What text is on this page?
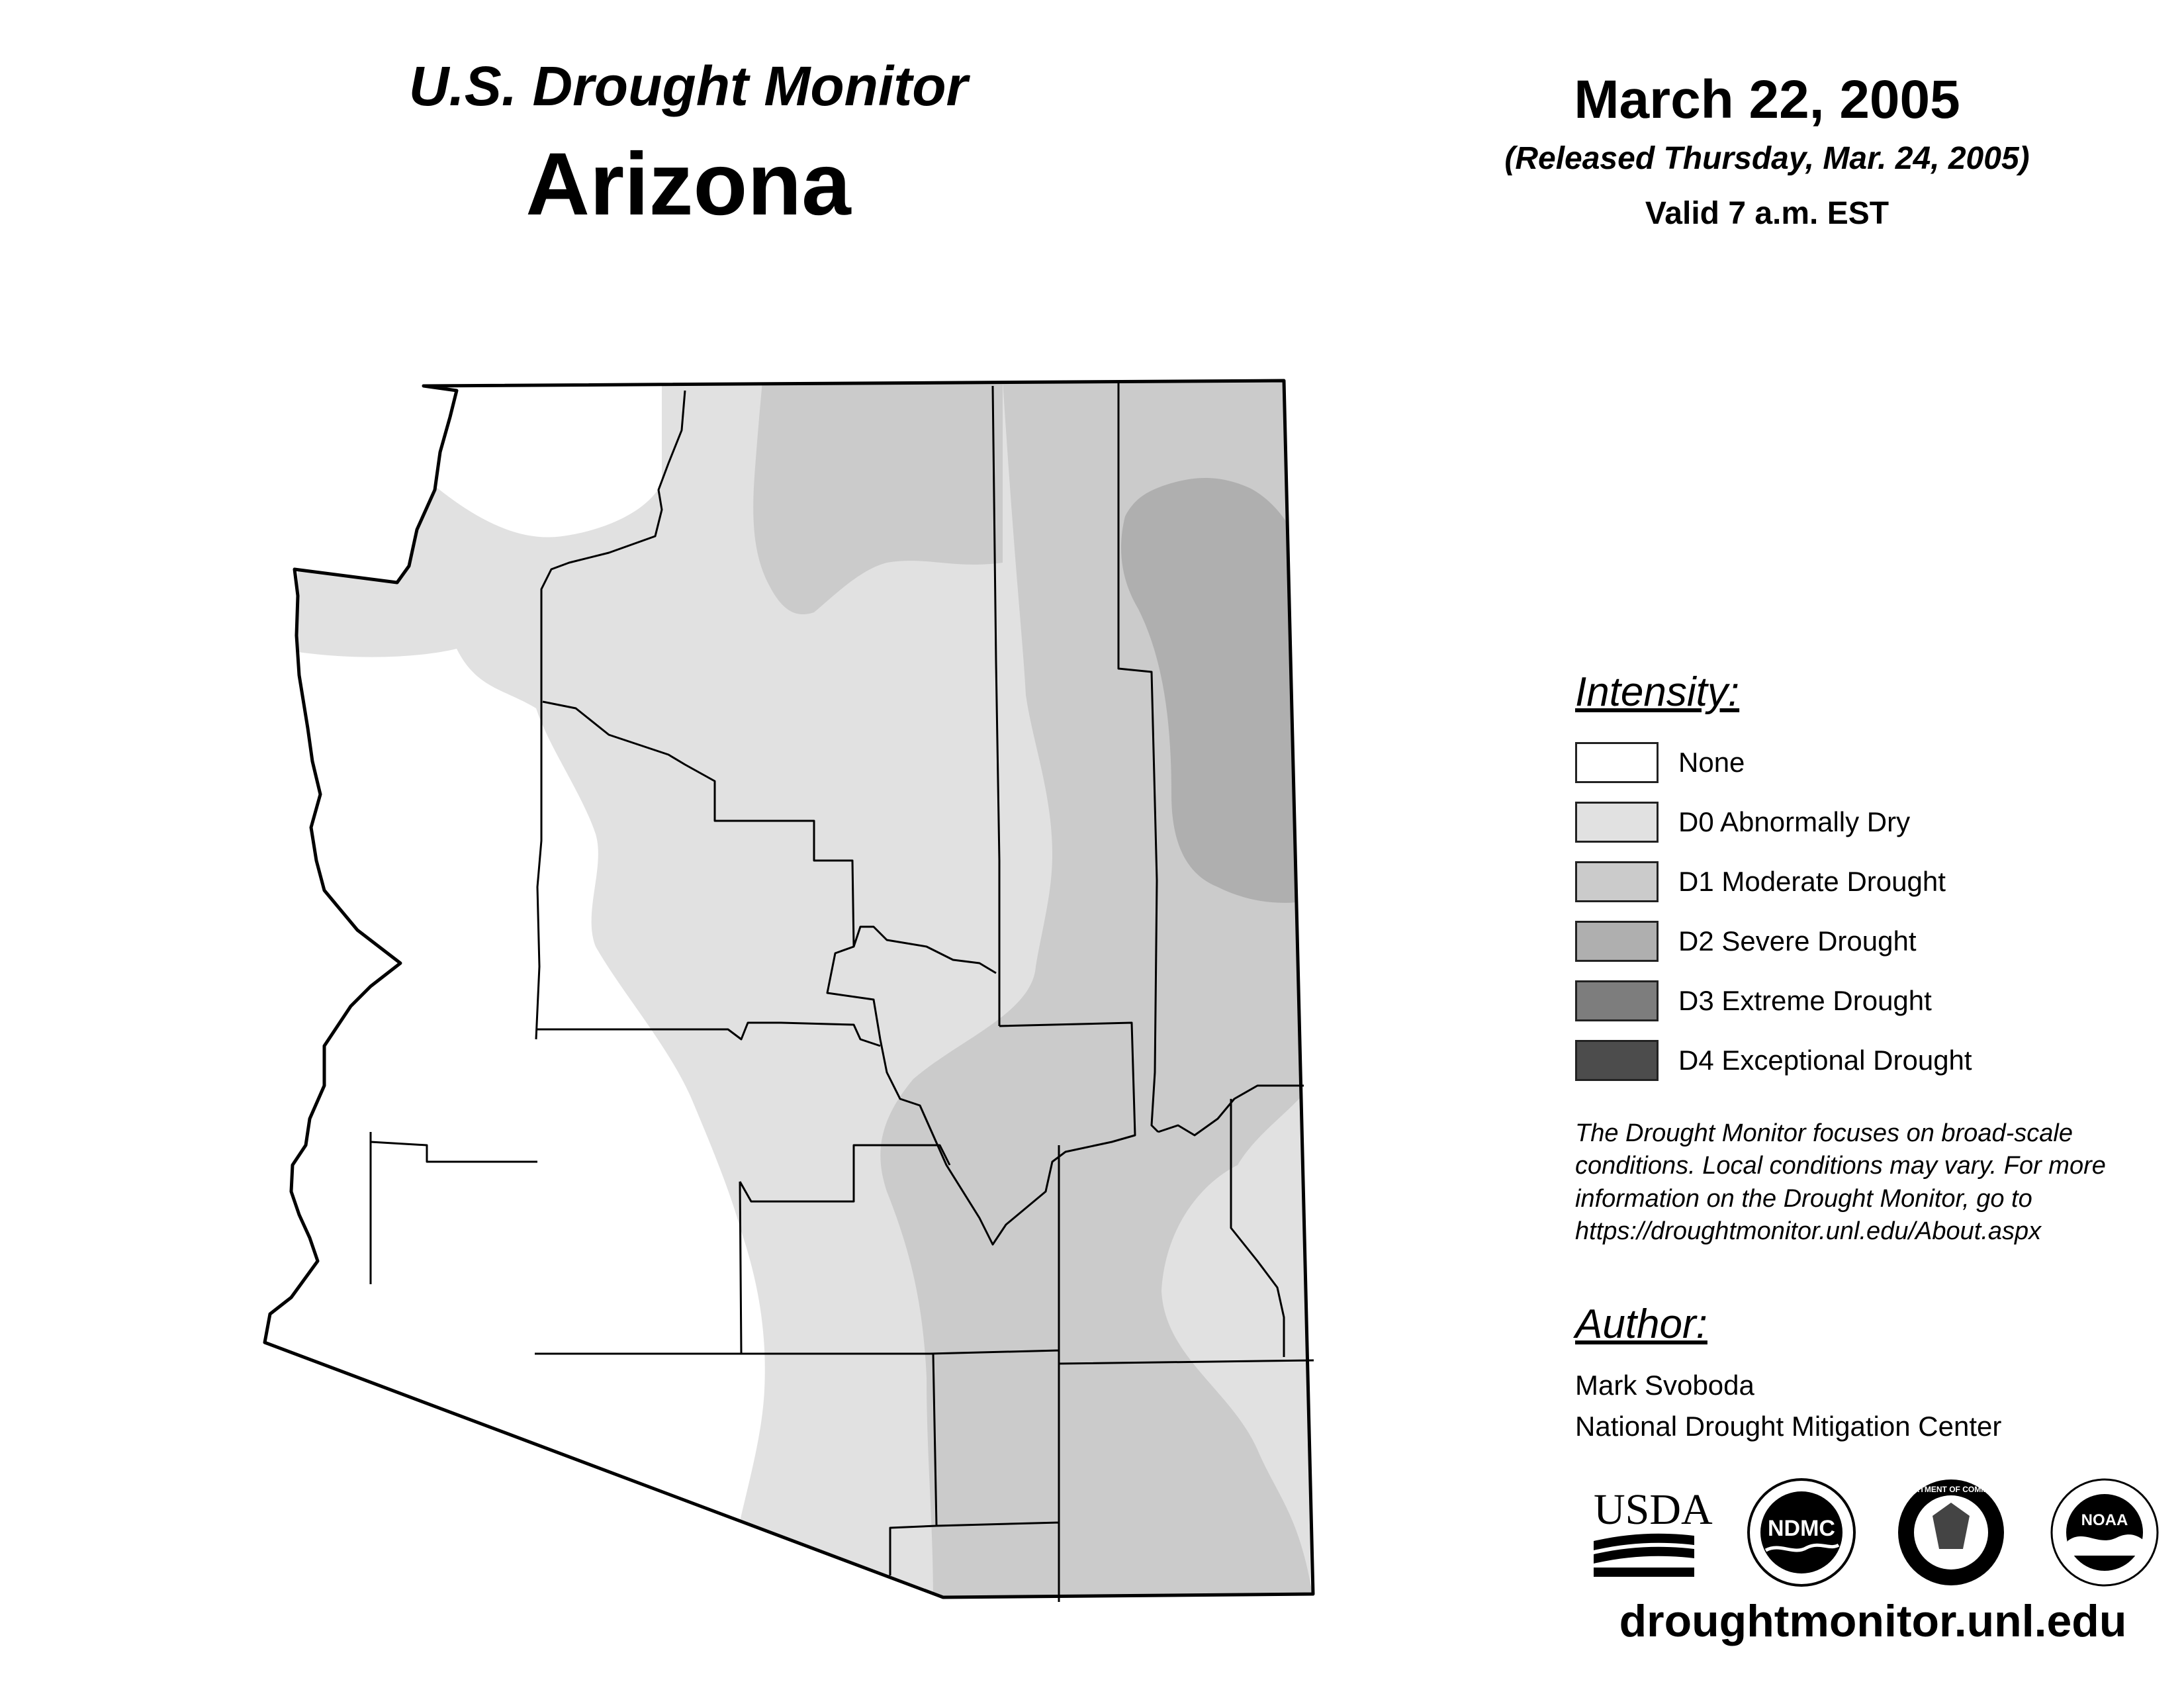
U.S. Drought Monitor
Arizona
March 22, 2005
(Released Thursday, Mar. 24, 2005)
Valid 7 a.m. EST
Intensity:
None
D0 Abnormally Dry
D1 Moderate Drought
D2 Severe Drought
D3 Extreme Drought
D4 Exceptional Drought
The Drought Monitor focuses on broad-scale conditions. Local conditions may vary. For more information on the Drought Monitor, go to https://droughtmonitor.unl.edu/About.aspx
Author:
Mark Svoboda
National Drought Mitigation Center
USDA NDMC
DEPARTMENT OF COMMERCE
NOAA
droughtmonitor.unl.edu
